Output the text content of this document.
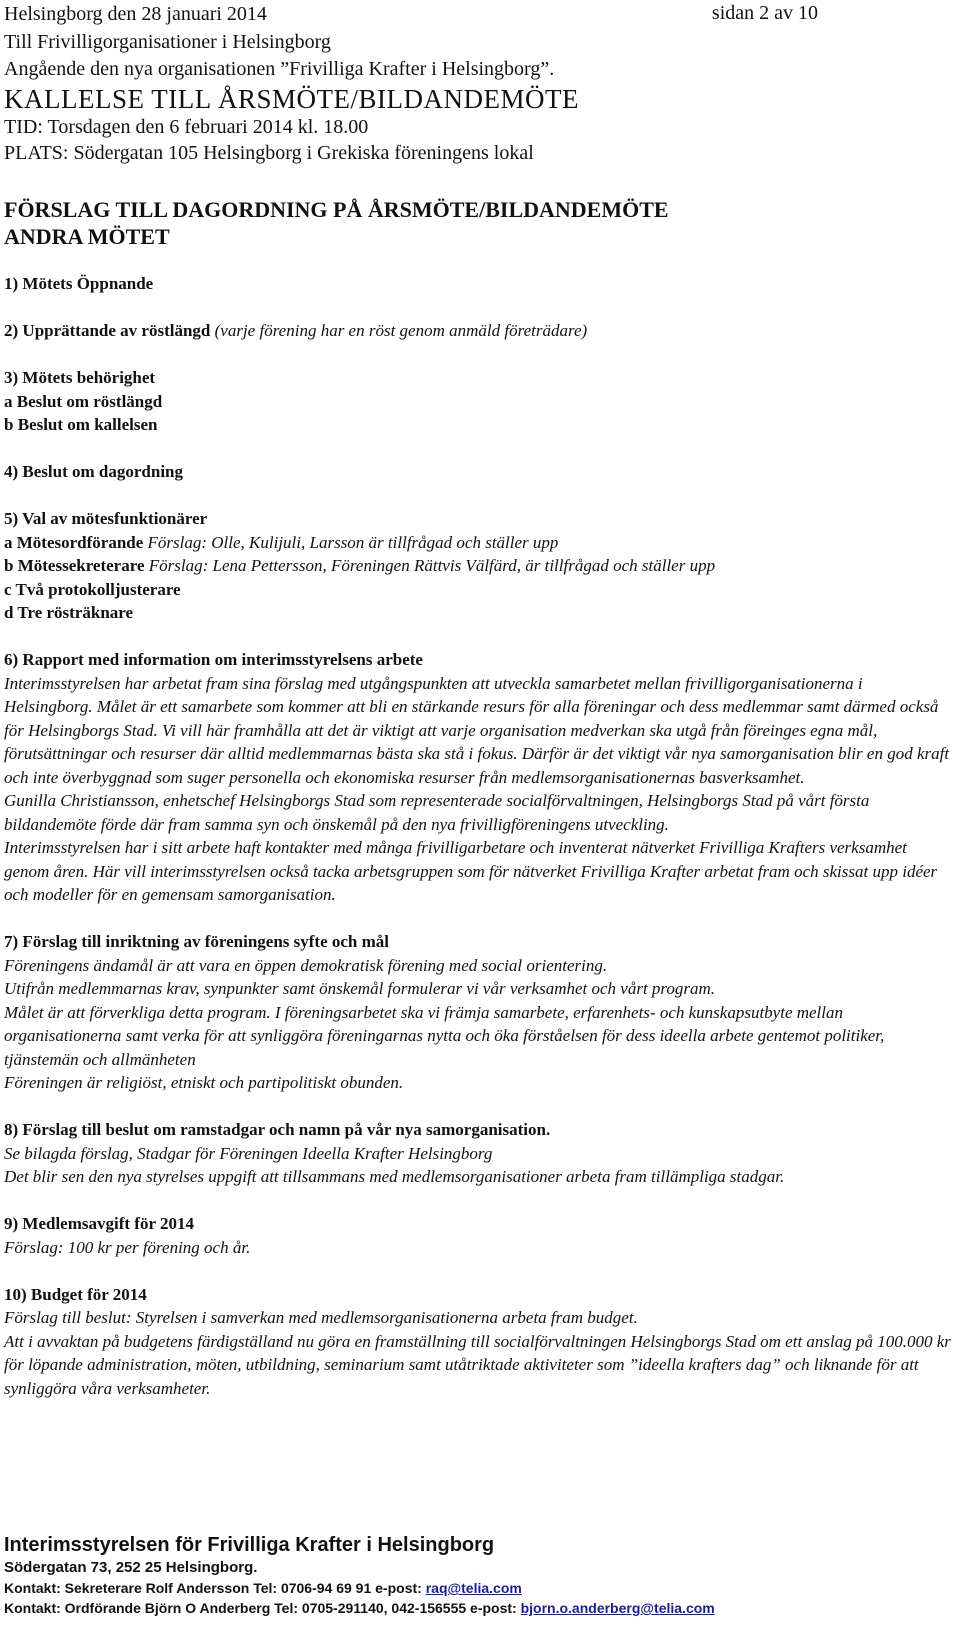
Helsingborg den 28 januari 2014	sidan 2 av 10
Till Frivilligorganisationer i Helsingborg
Angående den nya organisationen ”Frivilliga Krafter i Helsingborg”.
KALLELSE TILL ÅRSMÖTE/BILDANDEMÖTE
TID: Torsdagen den 6 februari 2014 kl. 18.00
PLATS: Södergatan 105 Helsingborg i Grekiska föreningens lokal
FÖRSLAG TILL DAGORDNING PÅ ÅRSMÖTE/BILDANDEMÖTE
ANDRA MÖTET
1) Mötets Öppnande
2) Upprättande av röstlängd (varje förening har en röst genom anmäld företrädare)
3) Mötets behörighet
a Beslut om röstlängd
b Beslut om kallelsen
4) Beslut om dagordning
5) Val av mötesfunktionärer
a Mötesordförande Förslag: Olle, Kulijuli, Larsson är tillfrågad och ställer upp
b Mötessekreterare Förslag: Lena Pettersson, Föreningen Rättvis Välfärd, är tillfrågad och ställer upp
c Två protokolljusterare
d Tre rösträknare
6) Rapport med information om interimsstyrelsens arbete
Interimsstyrelsen har arbetat fram sina förslag med utgångspunkten att utveckla samarbetet mellan frivilligorganisationerna i Helsingborg. Målet är ett samarbete som kommer att bli en stärkande resurs för alla föreningar och dess medlemmar samt därmed också för Helsingborgs Stad. Vi vill här framhålla att det är viktigt att varje organisation medverkan ska utgå från föreinges egna mål, förutsättningar och resurser där alltid medlemmarnas bästa ska stå i fokus. Därför är det viktigt vår nya samorganisation blir en god kraft och inte överbyggnad som suger personella och ekonomiska resurser från medlemsorganisationernas basverksamhet.
Gunilla Christiansson, enhetschef Helsingborgs Stad som representerade socialförvaltningen, Helsingborgs Stad på vårt första bildandemöte förde där fram samma syn och önskemål på den nya frivilligföreningens utveckling.
Interimsstyrelsen har i sitt arbete haft kontakter med många frivilligarbetare och inventerat nätverket Frivilliga Krafters verksamhet genom åren. Här vill interimsstyrelsen också tacka arbetsgruppen som för nätverket Frivilliga Krafter arbetat fram och skissat upp idéer och modeller för en gemensam samorganisation.
7) Förslag till inriktning av föreningens syfte och mål
Föreningens ändamål är att vara en öppen demokratisk förening med social orientering.
Utifrån medlemmarnas krav, synpunkter samt önskemål formulerar vi vår verksamhet och vårt program.
Målet är att förverkliga detta program. I föreningsarbetet ska vi främja samarbete, erfarenhets- och kunskapsutbyte mellan organisationerna samt verka för att synliggöra föreningarnas nytta och öka förståelsen för dess ideella arbete gentemot politiker, tjänstemän och allmänheten
Föreningen är religiöst, etniskt och partipolitiskt obunden.
8) Förslag till beslut om ramstadgar och namn på vår nya samorganisation.
Se bilagda förslag, Stadgar för Föreningen Ideella Krafter Helsingborg
Det blir sen den nya styrelses uppgift att tillsammans med medlemsorganisationer arbeta fram tillämpliga stadgar.
9) Medlemsavgift för 2014
Förslag: 100 kr per förening och år.
10) Budget för 2014
Förslag till beslut: Styrelsen i samverkan med medlemsorganisationerna arbeta fram budget.
Att i avvaktan på budgetens färdigställand nu göra en framställning till socialförvaltningen Helsingborgs Stad om ett anslag på 100.000 kr för löpande administration, möten, utbildning, seminarium samt utåtriktade aktiviteter som ”ideella krafters dag” och liknande för att synliggöra våra verksamheter.
Interimsstyrelsen för Frivilliga Krafter i Helsingborg
Södergatan 73, 252 25 Helsingborg.
Kontakt: Sekreterare Rolf Andersson Tel: 0706-94 69 91 e-post: raq@telia.com
Kontakt: Ordförande Björn O Anderberg Tel: 0705-291140, 042-156555 e-post: bjorn.o.anderberg@telia.com
